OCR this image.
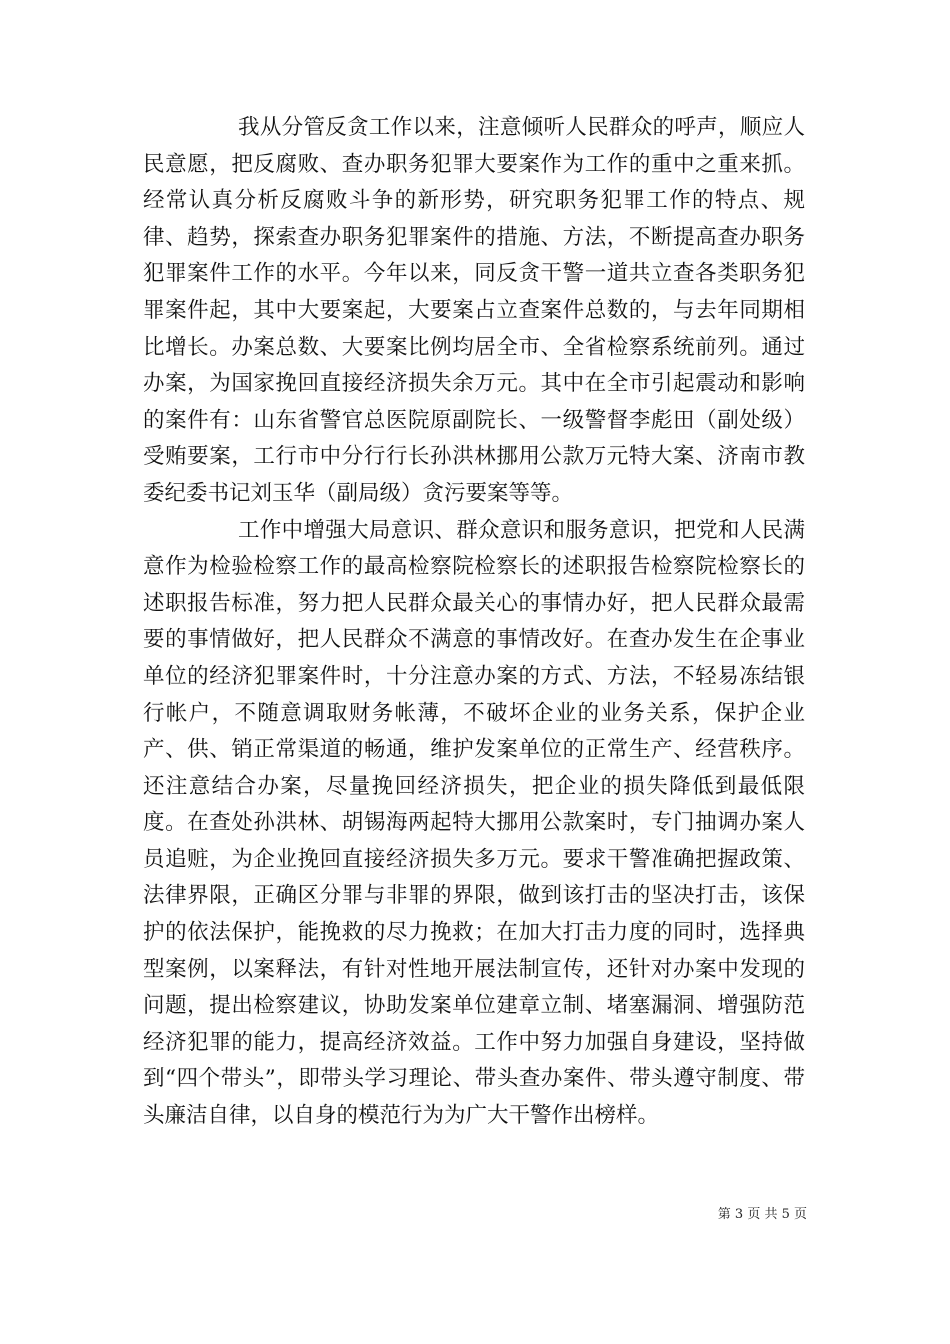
我从分管反贪工作以来，注意倾听人民群众的呼声，顺应人民意愿，把反腐败、查办职务犯罪大要案作为工作的重中之重来抓。经常认真分析反腐败斗争的新形势，研究职务犯罪工作的特点、规律、趋势，探索查办职务犯罪案件的措施、方法，不断提高查办职务犯罪案件工作的水平。今年以来，同反贪干警一道共立查各类职务犯罪案件起，其中大要案起，大要案占立查案件总数的，与去年同期相比增长。办案总数、大要案比例均居全市、全省检察系统前列。通过办案，为国家挽回直接经济损失余万元。其中在全市引起震动和影响的案件有：山东省警官总医院原副院长、一级警督李彪田（副处级）受贿要案，工行市中分行行长孙洪林挪用公款万元特大案、济南市教委纪委书记刘玉华（副局级）贪污要案等等。

工作中增强大局意识、群众意识和服务意识，把党和人民满意作为检验检察工作的最高检察院检察长的述职报告检察院检察长的述职报告标准，努力把人民群众最关心的事情办好，把人民群众最需要的事情做好，把人民群众不满意的事情改好。在查办发生在企事业单位的经济犯罪案件时，十分注意办案的方式、方法，不轻易冻结银行帐户，不随意调取财务帐薄，不破坏企业的业务关系，保护企业产、供、销正常渠道的畅通，维护发案单位的正常生产、经营秩序。还注意结合办案，尽量挽回经济损失，把企业的损失降低到最低限度。在查处孙洪林、胡锡海两起特大挪用公款案时，专门抽调办案人员追赃，为企业挽回直接经济损失多万元。要求干警准确把握政策、法律界限，正确区分罪与非罪的界限，做到该打击的坚决打击，该保护的依法保护，能挽救的尽力挽救；在加大打击力度的同时，选择典型案例，以案释法，有针对性地开展法制宣传，还针对办案中发现的问题，提出检察建议，协助发案单位建章立制、堵塞漏洞、增强防范经济犯罪的能力，提高经济效益。工作中努力加强自身建设，坚持做到“四个带头”，即带头学习理论、带头查办案件、带头遵守制度、带头廉洁自律，以自身的模范行为为广大干警作出榜样。

第 3 页 共 5 页
